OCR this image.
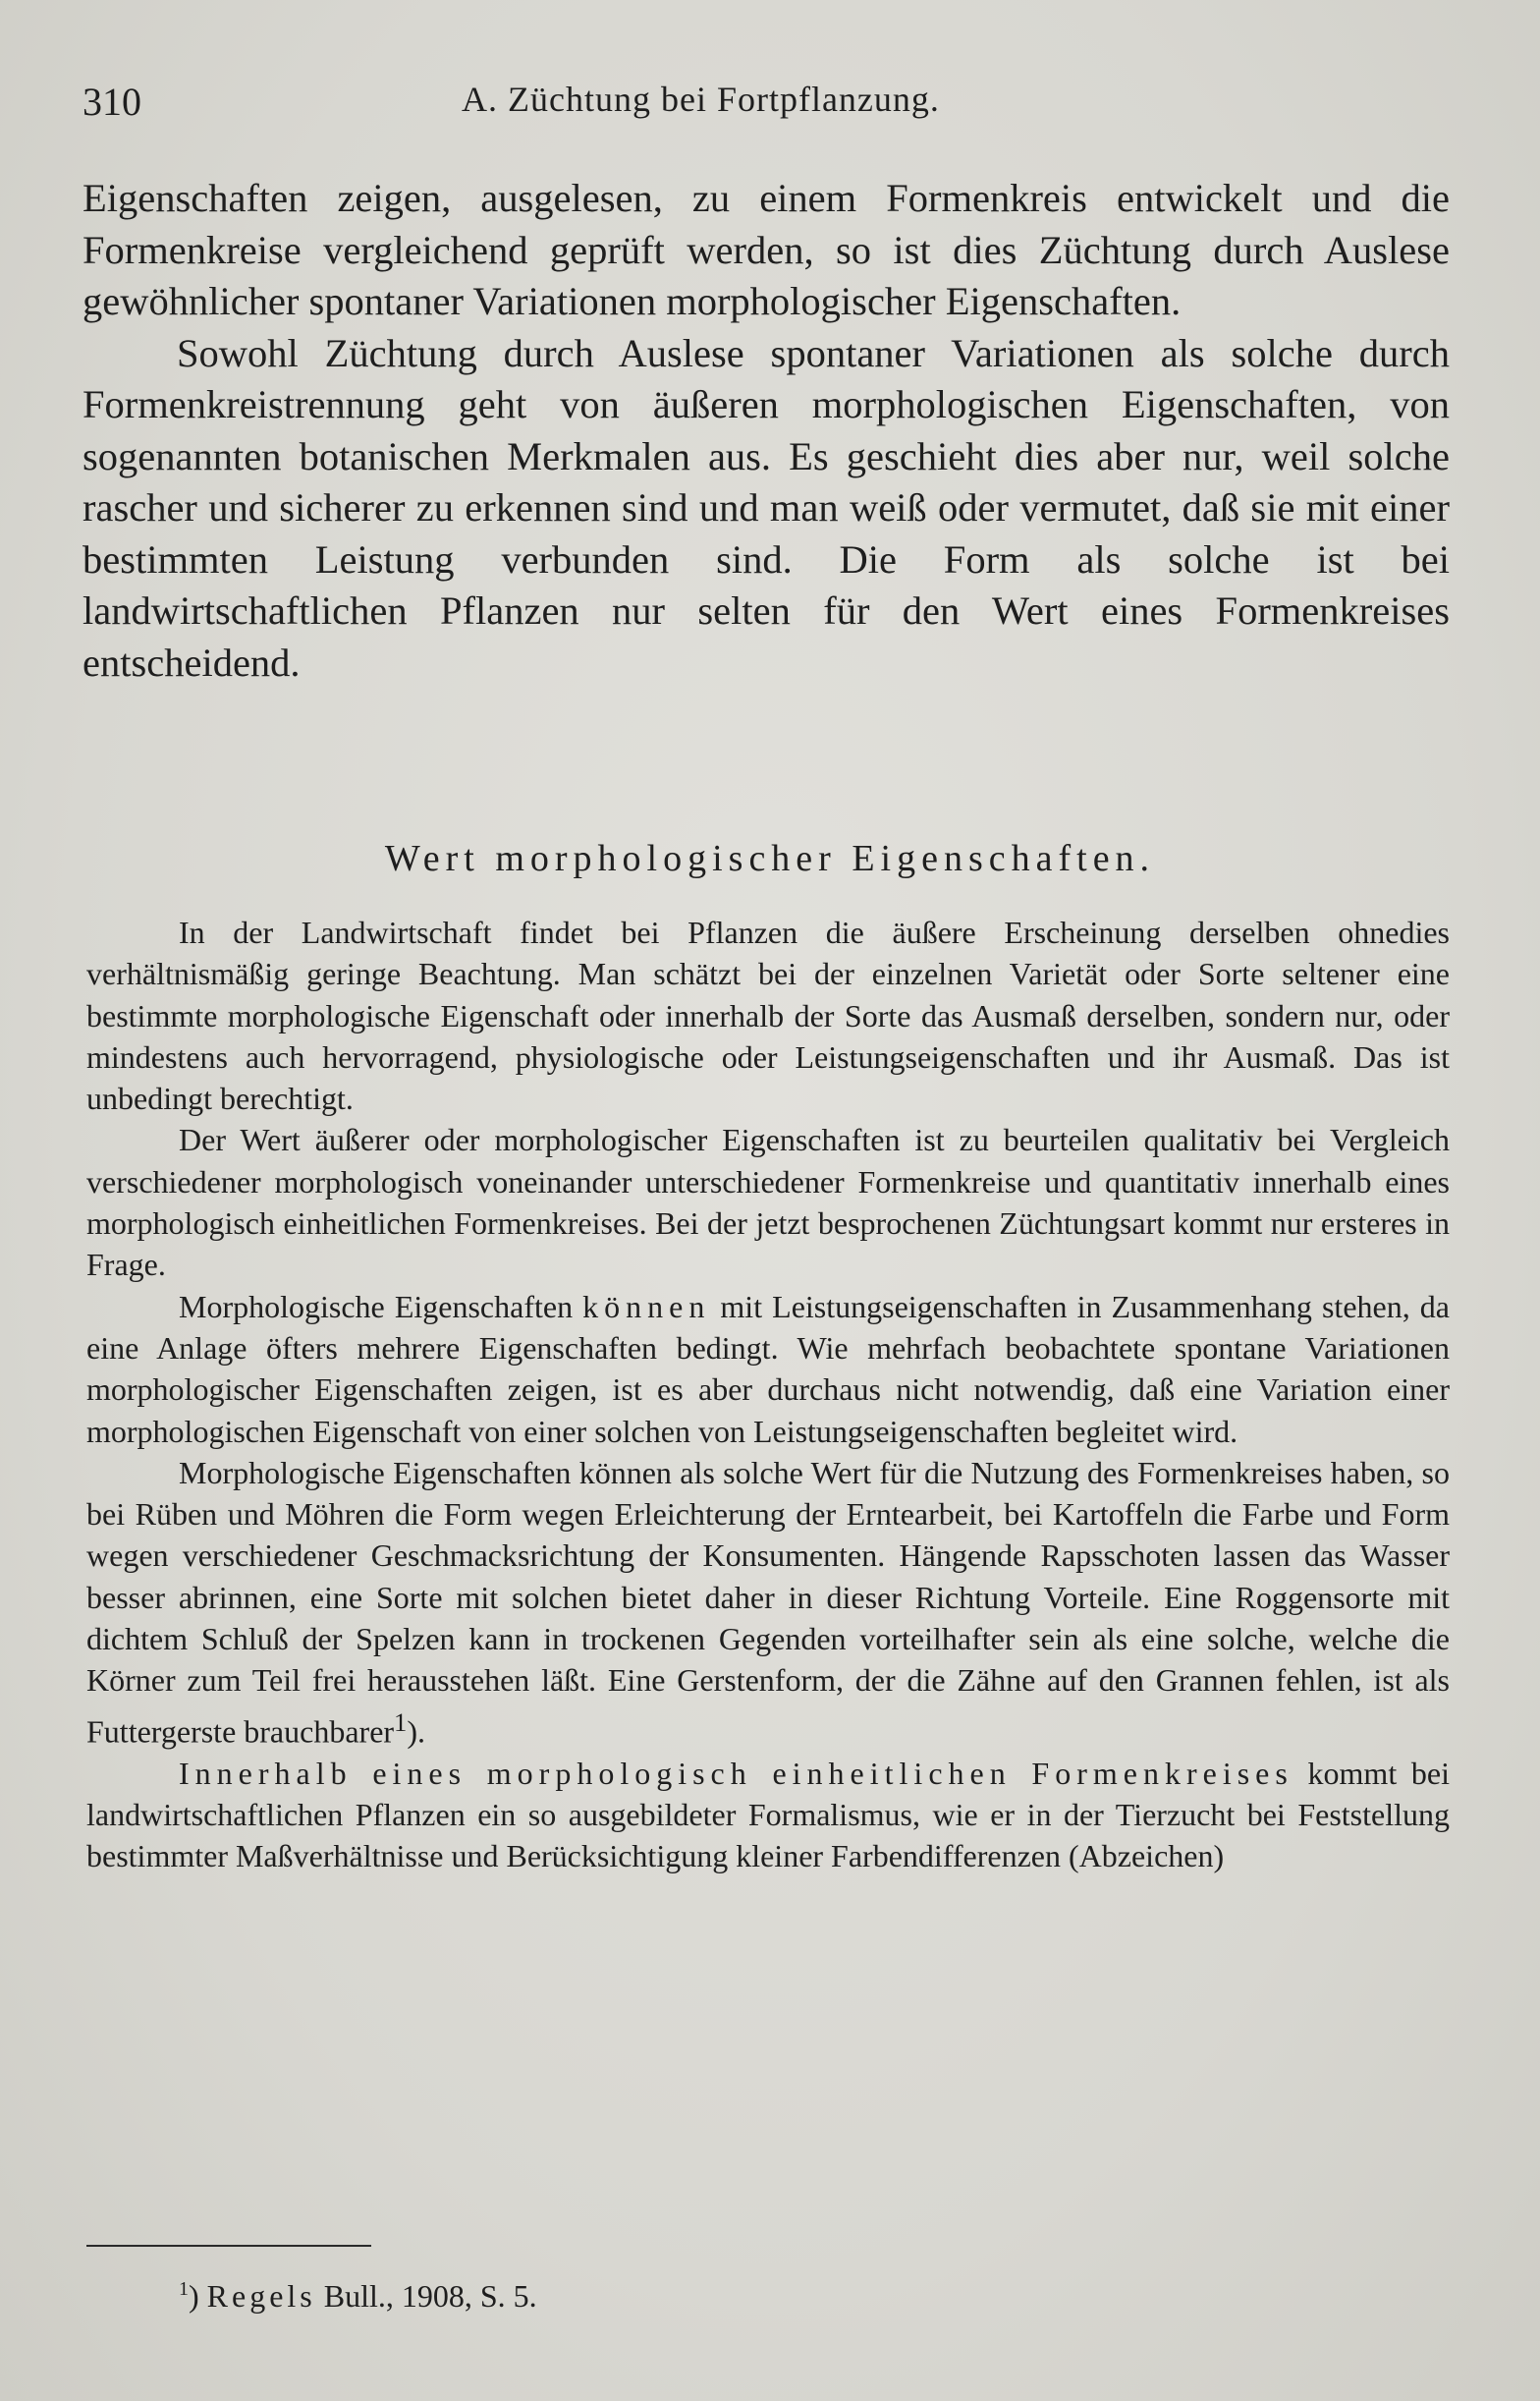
310	A. Züchtung bei Fortpflanzung.

Eigenschaften zeigen, ausgelesen, zu einem Formenkreis entwickelt und die Formenkreise vergleichend geprüft werden, so ist dies Züchtung durch Auslese gewöhnlicher spontaner Variationen morphologischer Eigenschaften.

Sowohl Züchtung durch Auslese spontaner Variationen als solche durch Formenkreistrennung geht von äußeren morphologischen Eigenschaften, von sogenannten botanischen Merkmalen aus. Es geschieht dies aber nur, weil solche rascher und sicherer zu erkennen sind und man weiß oder vermutet, daß sie mit einer bestimmten Leistung verbunden sind. Die Form als solche ist bei landwirtschaftlichen Pflanzen nur selten für den Wert eines Formenkreises entscheidend.

Wert morphologischer Eigenschaften.

In der Landwirtschaft findet bei Pflanzen die äußere Erscheinung derselben ohnedies verhältnismäßig geringe Beachtung. Man schätzt bei der einzelnen Varietät oder Sorte seltener eine bestimmte morphologische Eigenschaft oder innerhalb der Sorte das Ausmaß derselben, sondern nur, oder mindestens auch hervorragend, physiologische oder Leistungseigenschaften und ihr Ausmaß. Das ist unbedingt berechtigt.

Der Wert äußerer oder morphologischer Eigenschaften ist zu beurteilen qualitativ bei Vergleich verschiedener morphologisch voneinander unterschiedener Formenkreise und quantitativ innerhalb eines morphologisch einheitlichen Formenkreises. Bei der jetzt besprochenen Züchtungsart kommt nur ersteres in Frage.

Morphologische Eigenschaften können mit Leistungseigenschaften in Zusammenhang stehen, da eine Anlage öfters mehrere Eigenschaften bedingt. Wie mehrfach beobachtete spontane Variationen morphologischer Eigenschaften zeigen, ist es aber durchaus nicht notwendig, daß eine Variation einer morphologischen Eigenschaft von einer solchen von Leistungseigenschaften begleitet wird.

Morphologische Eigenschaften können als solche Wert für die Nutzung des Formenkreises haben, so bei Rüben und Möhren die Form wegen Erleichterung der Erntearbeit, bei Kartoffeln die Farbe und Form wegen verschiedener Geschmacksrichtung der Konsumenten. Hängende Rapsschoten lassen das Wasser besser abrinnen, eine Sorte mit solchen bietet daher in dieser Richtung Vorteile. Eine Roggensorte mit dichtem Schluß der Spelzen kann in trockenen Gegenden vorteilhafter sein als eine solche, welche die Körner zum Teil frei herausstehen läßt. Eine Gerstenform, der die Zähne auf den Grannen fehlen, ist als Futtergerste brauchbarer$^1$).

Innerhalb eines morphologisch einheitlichen Formenkreises kommt bei landwirtschaftlichen Pflanzen ein so ausgebildeter Formalismus, wie er in der Tierzucht bei Feststellung bestimmter Maßverhältnisse und Berücksichtigung kleiner Farbendifferenzen (Abzeichen)

$^1$) Regels Bull., 1908, S. 5.
